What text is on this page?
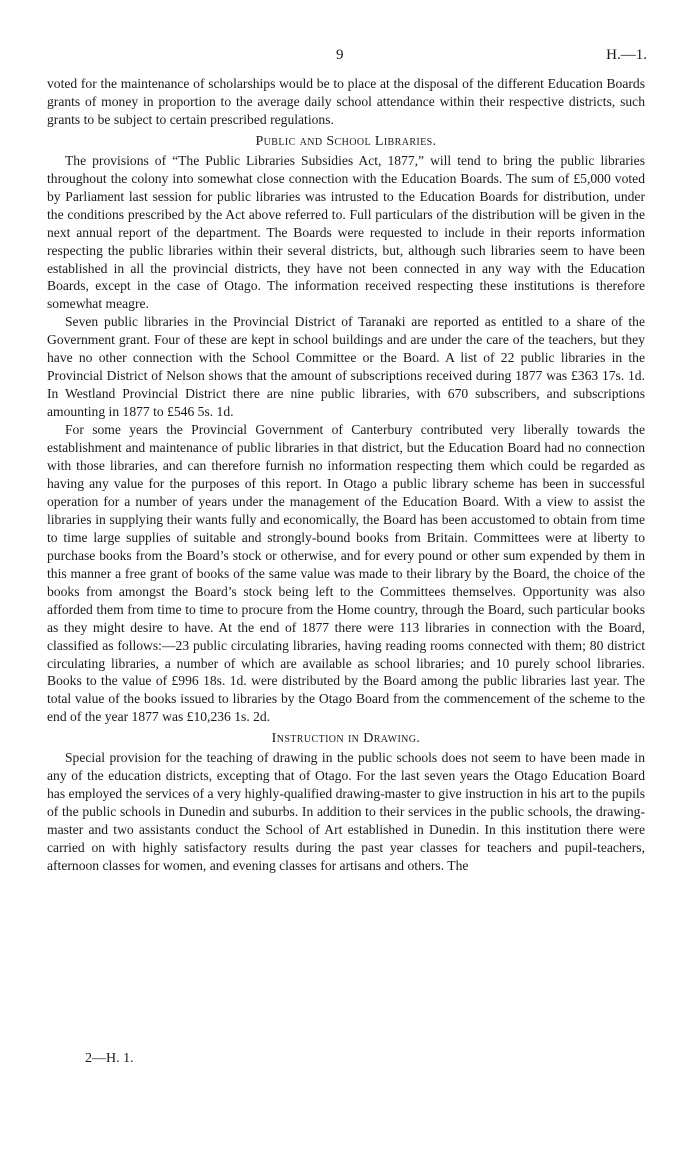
9	H.—1.

voted for the maintenance of scholarships would be to place at the disposal of the different Education Boards grants of money in proportion to the average daily school attendance within their respective districts, such grants to be subject to certain prescribed regulations.

Public and School Libraries.

The provisions of “The Public Libraries Subsidies Act, 1877,” will tend to bring the public libraries throughout the colony into somewhat close connection with the Education Boards. The sum of £5,000 voted by Parliament last session for public libraries was intrusted to the Education Boards for distribution, under the conditions prescribed by the Act above referred to. Full particulars of the distribution will be given in the next annual report of the department. The Boards were requested to include in their reports information respecting the public libraries within their several districts, but, although such libraries seem to have been established in all the provincial districts, they have not been connected in any way with the Education Boards, except in the case of Otago. The information received respecting these institutions is therefore somewhat meagre.

Seven public libraries in the Provincial District of Taranaki are reported as entitled to a share of the Government grant. Four of these are kept in school buildings and are under the care of the teachers, but they have no other connection with the School Committee or the Board. A list of 22 public libraries in the Provincial District of Nelson shows that the amount of subscriptions received during 1877 was £363 17s. 1d. In Westland Provincial District there are nine public libraries, with 670 subscribers, and subscriptions amounting in 1877 to £546 5s. 1d.

For some years the Provincial Government of Canterbury contributed very liberally towards the establishment and maintenance of public libraries in that district, but the Education Board had no connection with those libraries, and can therefore furnish no information respecting them which could be regarded as having any value for the purposes of this report. In Otago a public library scheme has been in successful operation for a number of years under the management of the Education Board. With a view to assist the libraries in supplying their wants fully and economically, the Board has been accustomed to obtain from time to time large supplies of suitable and strongly-bound books from Britain. Committees were at liberty to purchase books from the Board’s stock or otherwise, and for every pound or other sum expended by them in this manner a free grant of books of the same value was made to their library by the Board, the choice of the books from amongst the Board’s stock being left to the Committees themselves. Opportunity was also afforded them from time to time to procure from the Home country, through the Board, such particular books as they might desire to have. At the end of 1877 there were 113 libraries in connection with the Board, classified as follows:—23 public circulating libraries, having reading rooms connected with them; 80 district circulating libraries, a number of which are available as school libraries; and 10 purely school libraries. Books to the value of £996 18s. 1d. were distributed by the Board among the public libraries last year. The total value of the books issued to libraries by the Otago Board from the commencement of the scheme to the end of the year 1877 was £10,236 1s. 2d.

Instruction in Drawing.

Special provision for the teaching of drawing in the public schools does not seem to have been made in any of the education districts, excepting that of Otago. For the last seven years the Otago Education Board has employed the services of a very highly-qualified drawing-master to give instruction in his art to the pupils of the public schools in Dunedin and suburbs. In addition to their services in the public schools, the drawing-master and two assistants conduct the School of Art established in Dunedin. In this institution there were carried on with highly satisfactory results during the past year classes for teachers and pupil-teachers, afternoon classes for women, and evening classes for artisans and others. The

2—H. 1.
